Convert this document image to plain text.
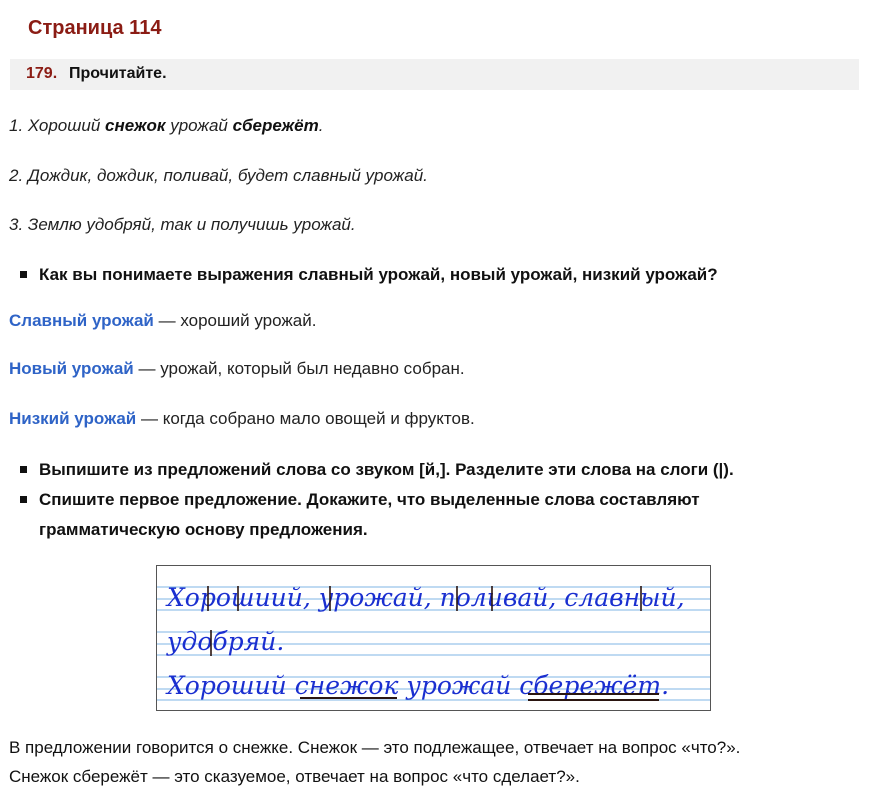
Страница 114
179. Прочитайте.
1. Хороший снежок урожай сбережёт.
2. Дождик, дождик, поливай, будет славный урожай.
3. Землю удобряй, так и получишь урожай.
Как вы понимаете выражения славный урожай, новый урожай, низкий урожай?
Славный урожай — хороший урожай.
Новый урожай — урожай, который был недавно собран.
Низкий урожай — когда собрано мало овощей и фруктов.
Выпишите из предложений слова со звуком [й,]. Разделите эти слова на слоги (|).
Спишите первое предложение. Докажите, что выделенные слова составляют
грамматическую основу предложения.
Хорошиий, урожай, поливай, славный,
удобряй.
Хороший снежок урожай сбережёт.
В предложении говорится о снежке. Снежок — это подлежащее, отвечает на вопрос «что?».
Снежок сбережёт — это сказуемое, отвечает на вопрос «что сделает?».
